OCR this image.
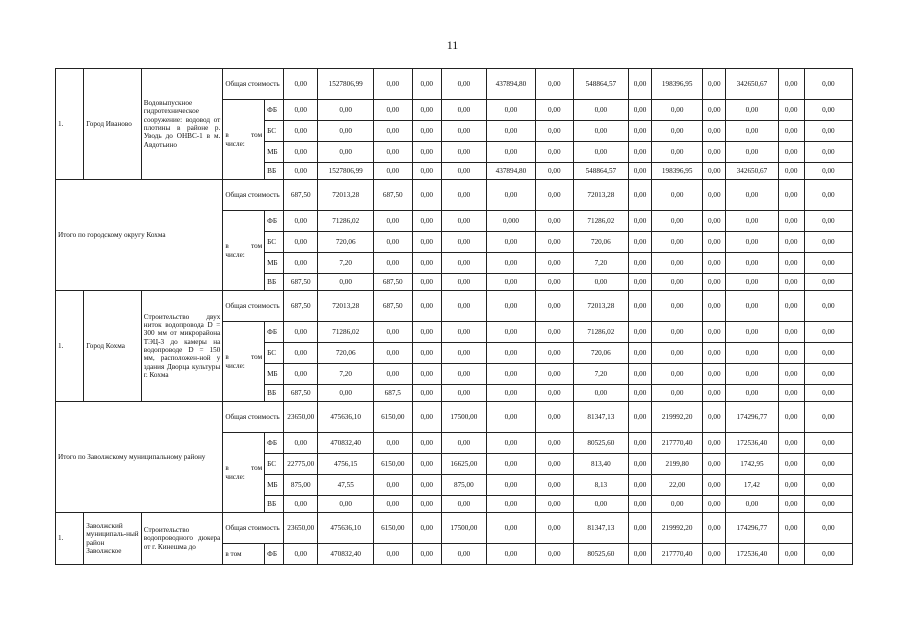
11
1.	Город Иваново	Водовыпускное гидротехническое сооружение: водовод от плотины в районе р. Уводь до ОНВС-1 в м. Авдотьино	Общая стоимость		0,00	1527806,99	0,00	0,00	0,00	437894,80	0,00	548864,57	0,00	198396,95	0,00	342650,67	0,00	0,00
			в том числе:	ФБ	0,00	0,00	0,00	0,00	0,00	0,00	0,00	0,00	0,00	0,00	0,00	0,00	0,00	0,00
				БС	0,00	0,00	0,00	0,00	0,00	0,00	0,00	0,00	0,00	0,00	0,00	0,00	0,00	0,00
				МБ	0,00	0,00	0,00	0,00	0,00	0,00	0,00	0,00	0,00	0,00	0,00	0,00	0,00	0,00
				ВБ	0,00	1527806,99	0,00	0,00	0,00	437894,80	0,00	548864,57	0,00	198396,95	0,00	342650,67	0,00	0,00
Итого по городскому округу Кохма			Общая стоимость		687,50	72013,28	687,50	0,00	0,00	0,00	0,00	72013,28	0,00	0,00	0,00	0,00	0,00	0,00
			в том числе:	ФБ	0,00	71286,02	0,00	0,00	0,00	0,000	0,00	71286,02	0,00	0,00	0,00	0,00	0,00	0,00
				БС	0,00	720,06	0,00	0,00	0,00	0,00	0,00	720,06	0,00	0,00	0,00	0,00	0,00	0,00
				МБ	0,00	7,20	0,00	0,00	0,00	0,00	0,00	7,20	0,00	0,00	0,00	0,00	0,00	0,00
				ВБ	687,50	0,00	687,50	0,00	0,00	0,00	0,00	0,00	0,00	0,00	0,00	0,00	0,00	0,00
1.	Город Кохма	Строительство двух ниток водопровода D = 300 мм от микрорайона ТЭЦ-3 до камеры на водопроводе D = 150 мм, расположен-ной у здания Дворца культуры г. Кохма	Общая стоимость		687,50	72013,28	687,50	0,00	0,00	0,00	0,00	72013,28	0,00	0,00	0,00	0,00	0,00	0,00
			в том числе:	ФБ	0,00	71286,02	0,00	0,00	0,00	0,00	0,00	71286,02	0,00	0,00	0,00	0,00	0,00	0,00
				БС	0,00	720,06	0,00	0,00	0,00	0,00	0,00	720,06	0,00	0,00	0,00	0,00	0,00	0,00
				МБ	0,00	7,20	0,00	0,00	0,00	0,00	0,00	7,20	0,00	0,00	0,00	0,00	0,00	0,00
				ВБ	687,50	0,00	687,5	0,00	0,00	0,00	0,00	0,00	0,00	0,00	0,00	0,00	0,00	0,00
Итого по Заволжскому муниципальному району			Общая стоимость		23650,00	475636,10	6150,00	0,00	17500,00	0,00	0,00	81347,13	0,00	219992,20	0,00	174296,77	0,00	0,00
			в том числе:	ФБ	0,00	470832,40	0,00	0,00	0,00	0,00	0,00	80525,60	0,00	217770,40	0,00	172536,40	0,00	0,00
				БС	22775,00	4756,15	6150,00	0,00	16625,00	0,00	0,00	813,40	0,00	2199,80	0,00	1742,95	0,00	0,00
				МБ	875,00	47,55	0,00	0,00	875,00	0,00	0,00	8,13	0,00	22,00	0,00	17,42	0,00	0,00
				ВБ	0,00	0,00	0,00	0,00	0,00	0,00	0,00	0,00	0,00	0,00	0,00	0,00	0,00	0,00
1.	Заволжский муниципаль-ный район Заволжское	Строительство водопроводного дюкера от г. Кинешма до	Общая стоимость		23650,00	475636,10	6150,00	0,00	17500,00	0,00	0,00	81347,13	0,00	219992,20	0,00	174296,77	0,00	0,00
			в том	ФБ	0,00	470832,40	0,00	0,00	0,00	0,00	0,00	80525,60	0,00	217770,40	0,00	172536,40	0,00	0,00
